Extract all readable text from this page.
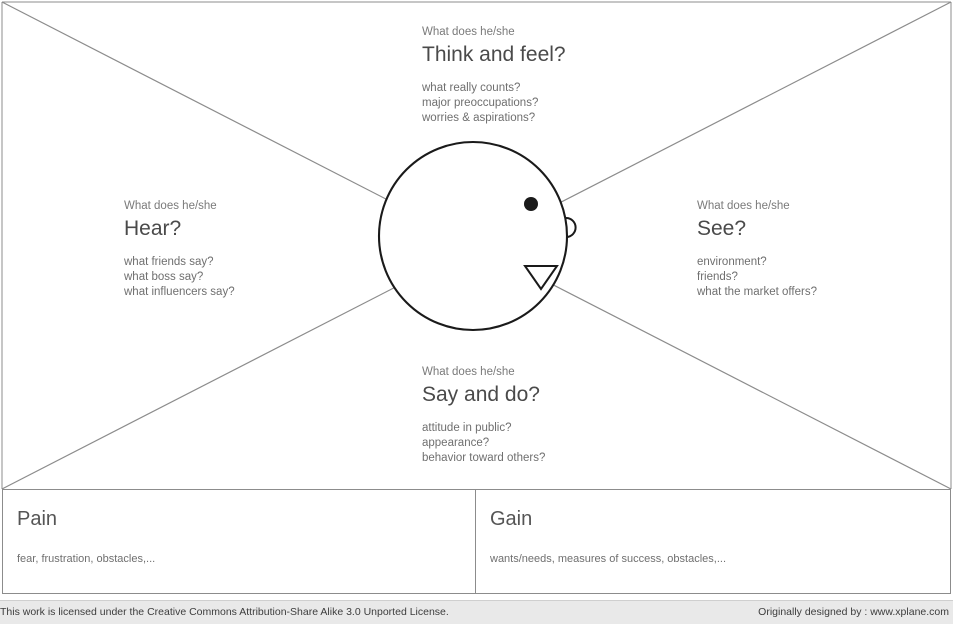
What does he/she

Think and feel?

what really counts?
major preoccupations?
worries & aspirations?

What does he/she

Hear?

what friends say?
what boss say?
what influencers say?

What does he/she

See?

environment?
friends?
what the market offers?

What does he/she

Say and do?

attitude in public?
appearance?
behavior toward others?

Pain

fear, frustration, obstacles,...

Gain

wants/needs, measures of success, obstacles,...

This work is licensed under the Creative Commons Attribution-Share Alike 3.0 Unported License.	Originally designed by : www.xplane.com
